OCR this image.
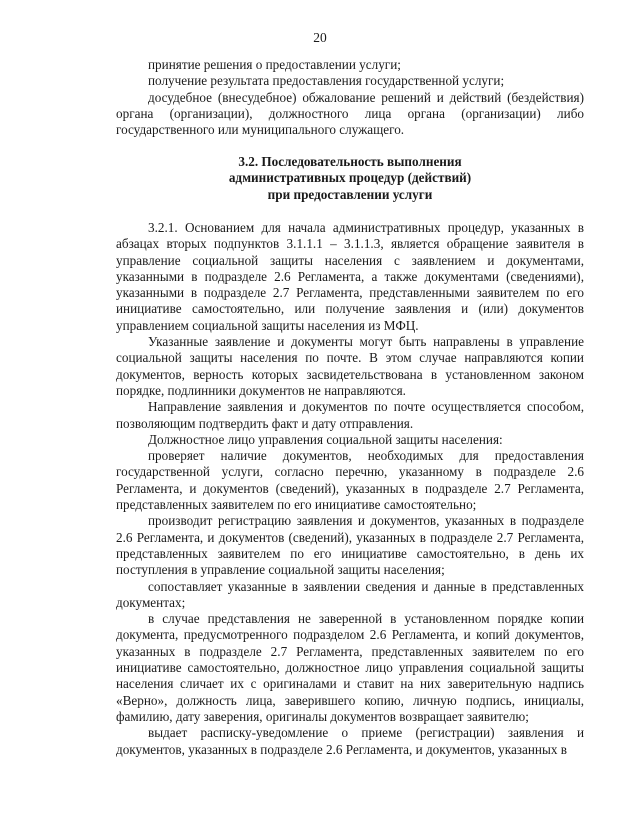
20

принятие решения о предоставлении услуги;

получение результата предоставления государственной услуги;

досудебное (внесудебное) обжалование решений и действий (бездействия) органа (организации), должностного лица органа (организации) либо государственного или муниципального служащего.

3.2. Последовательность выполнения

административных процедур (действий)

при предоставлении услуги

3.2.1. Основанием для начала административных процедур, указанных в абзацах вторых подпунктов 3.1.1.1 – 3.1.1.3, является обращение заявителя в управление социальной защиты населения с заявлением и документами, указанными в подразделе 2.6 Регламента, а также документами (сведениями), указанными в подразделе 2.7 Регламента, представленными заявителем по его инициативе самостоятельно, или получение заявления и (или) документов управлением социальной защиты населения из МФЦ.

Указанные заявление и документы могут быть направлены в управление социальной защиты населения по почте. В этом случае направляются копии документов, верность которых засвидетельствована в установленном законом порядке, подлинники документов не направляются.

Направление заявления и документов по почте осуществляется способом, позволяющим подтвердить факт и дату отправления.

Должностное лицо управления социальной защиты населения:

проверяет наличие документов, необходимых для предоставления государственной услуги, согласно перечню, указанному в подразделе 2.6 Регламента, и документов (сведений), указанных в подразделе 2.7 Регламента, представленных заявителем по его инициативе самостоятельно;

производит регистрацию заявления и документов, указанных в подразделе 2.6 Регламента, и документов (сведений), указанных в подразделе 2.7 Регламента, представленных заявителем по его инициативе самостоятельно, в день их поступления в управление социальной защиты населения;

сопоставляет указанные в заявлении сведения и данные в представленных документах;

в случае представления не заверенной в установленном порядке копии документа, предусмотренного подразделом 2.6 Регламента, и копий документов, указанных в подразделе 2.7 Регламента, представленных заявителем по его инициативе самостоятельно, должностное лицо управления социальной защиты населения сличает их с оригиналами и ставит на них заверительную надпись «Верно», должность лица, заверившего копию, личную подпись, инициалы, фамилию, дату заверения, оригиналы документов возвращает заявителю;

выдает расписку-уведомление о приеме (регистрации) заявления и документов, указанных в подразделе 2.6 Регламента, и документов, указанных в
